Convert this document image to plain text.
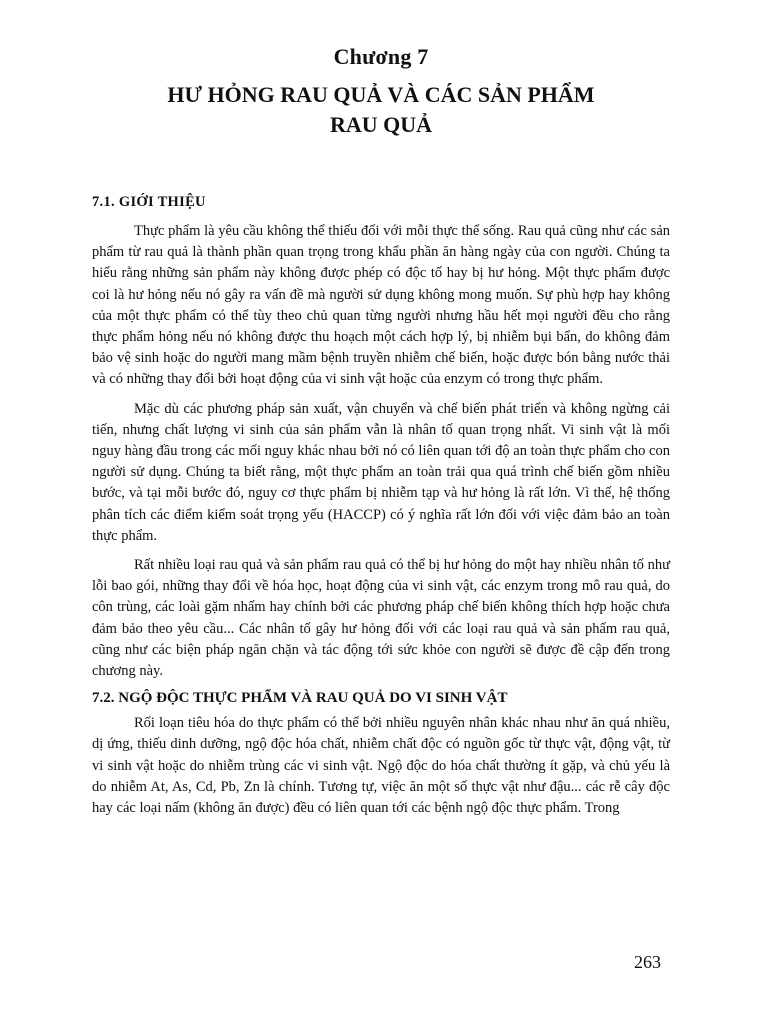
Chương 7
HƯ HỎNG RAU QUẢ VÀ CÁC SẢN PHẨM
RAU QUẢ
7.1. GIỚI THIỆU

Thực phẩm là yêu cầu không thể thiếu đối với mỗi thực thể sống. Rau quả cũng như các sản phẩm từ rau quả là thành phần quan trọng trong khẩu phần ăn hàng ngày của con người. Chúng ta hiểu rằng những sản phẩm này không được phép có độc tố hay bị hư hỏng. Một thực phẩm được coi là hư hỏng nếu nó gây ra vấn đề mà người sử dụng không mong muốn. Sự phù hợp hay không của một thực phẩm có thể tùy theo chủ quan từng người nhưng hầu hết mọi người đều cho rằng thực phẩm hỏng nếu nó không được thu hoạch một cách hợp lý, bị nhiễm bụi bẩn, do không đảm bảo vệ sinh hoặc do người mang mầm bệnh truyền nhiễm chế biến, hoặc được bón bằng nước thải và có những thay đổi bởi hoạt động của vi sinh vật hoặc của enzym có trong thực phẩm.

Mặc dù các phương pháp sản xuất, vận chuyển và chế biến phát triển và không ngừng cải tiến, nhưng chất lượng vi sinh của sản phẩm vẫn là nhân tố quan trọng nhất. Vi sinh vật là mối nguy hàng đầu trong các mối nguy khác nhau bởi nó có liên quan tới độ an toàn thực phẩm cho con người sử dụng. Chúng ta biết rằng, một thực phẩm an toàn trải qua quá trình chế biến gồm nhiều bước, và tại mỗi bước đó, nguy cơ thực phẩm bị nhiễm tạp và hư hỏng là rất lớn. Vì thế, hệ thống phân tích các điểm kiểm soát trọng yếu (HACCP) có ý nghĩa rất lớn đối với việc đảm bảo an toàn thực phẩm.

Rất nhiều loại rau quả và sản phẩm rau quả có thể bị hư hỏng do một hay nhiều nhân tố như lỗi bao gói, những thay đổi về hóa học, hoạt động của vi sinh vật, các enzym trong mô rau quả, do côn trùng, các loài gặm nhấm hay chính bởi các phương pháp chế biến không thích hợp hoặc chưa đảm bảo theo yêu cầu... Các nhân tố gây hư hỏng đối với các loại rau quả và sản phẩm rau quả, cũng như các biện pháp ngăn chặn và tác động tới sức khỏe con người sẽ được đề cập đến trong chương này.

7.2. NGỘ ĐỘC THỰC PHẨM VÀ RAU QUẢ DO VI SINH VẬT

Rối loạn tiêu hóa do thực phẩm có thể bởi nhiều nguyên nhân khác nhau như ăn quá nhiều, dị ứng, thiếu dinh dưỡng, ngộ độc hóa chất, nhiễm chất độc có nguồn gốc từ thực vật, động vật, từ vi sinh vật hoặc do nhiễm trùng các vi sinh vật. Ngộ độc do hóa chất thường ít gặp, và chủ yếu là do nhiễm At, As, Cd, Pb, Zn là chính. Tương tự, việc ăn một số thực vật như đậu... các rễ cây độc hay các loại nấm (không ăn được) đều có liên quan tới các bệnh ngộ độc thực phẩm. Trong

263
